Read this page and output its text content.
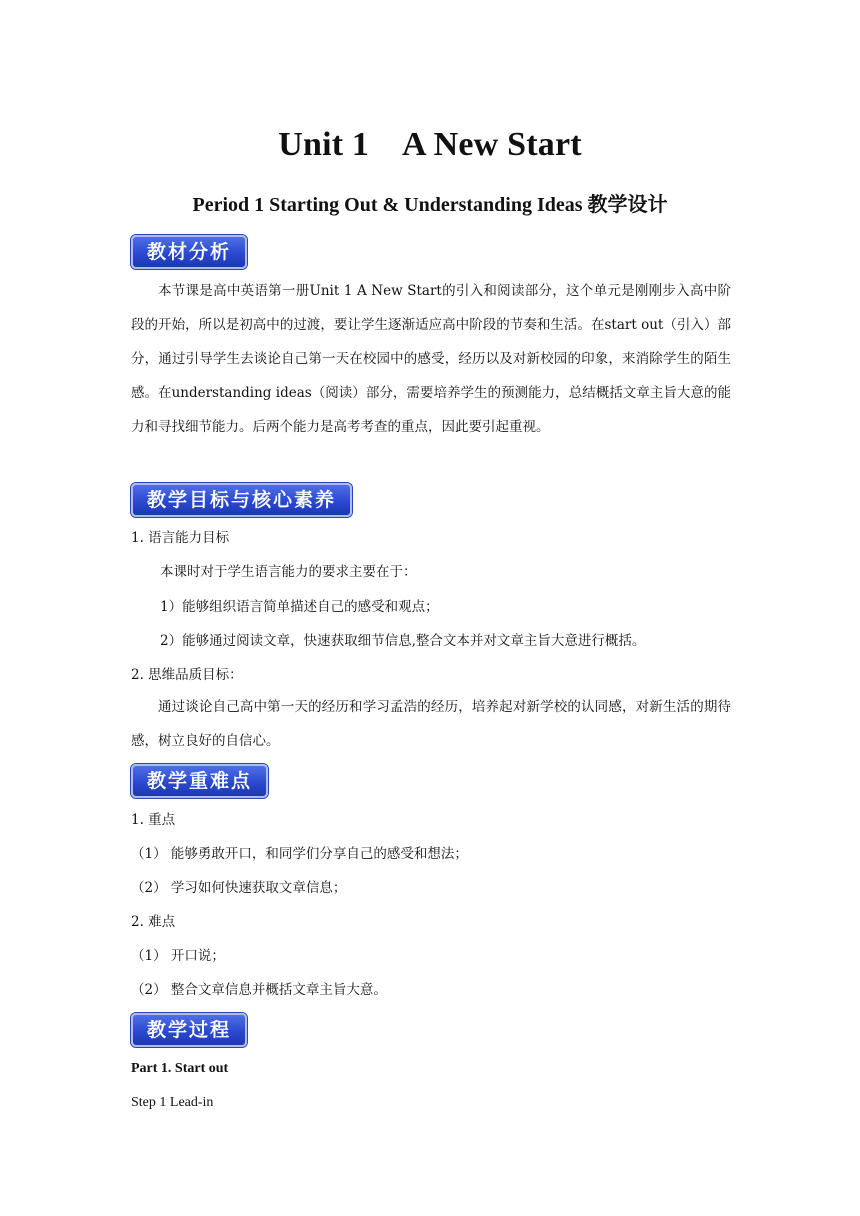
Unit 1    A New Start
Period 1 Starting Out & Understanding Ideas 教学设计
教材分析
本节课是高中英语第一册Unit 1 A New Start的引入和阅读部分，这个单元是刚刚步入高中阶段的开始，所以是初高中的过渡，要让学生逐渐适应高中阶段的节奏和生活。在start out（引入）部分，通过引导学生去谈论自己第一天在校园中的感受，经历以及对新校园的印象，来消除学生的陌生感。在understanding ideas（阅读）部分，需要培养学生的预测能力，总结概括文章主旨大意的能力和寻找细节能力。后两个能力是高考考查的重点，因此要引起重视。
教学目标与核心素养
1. 语言能力目标
本课时对于学生语言能力的要求主要在于：
1）能够组织语言简单描述自己的感受和观点；
2）能够通过阅读文章，快速获取细节信息,整合文本并对文章主旨大意进行概括。
2. 思维品质目标：
通过谈论自己高中第一天的经历和学习孟浩的经历，培养起对新学校的认同感，对新生活的期待感，树立良好的自信心。
教学重难点
1. 重点
（1） 能够勇敢开口，和同学们分享自己的感受和想法；
（2） 学习如何快速获取文章信息；
2. 难点
（1） 开口说；
（2） 整合文章信息并概括文章主旨大意。
教学过程
Part 1. Start out
Step 1 Lead-in
